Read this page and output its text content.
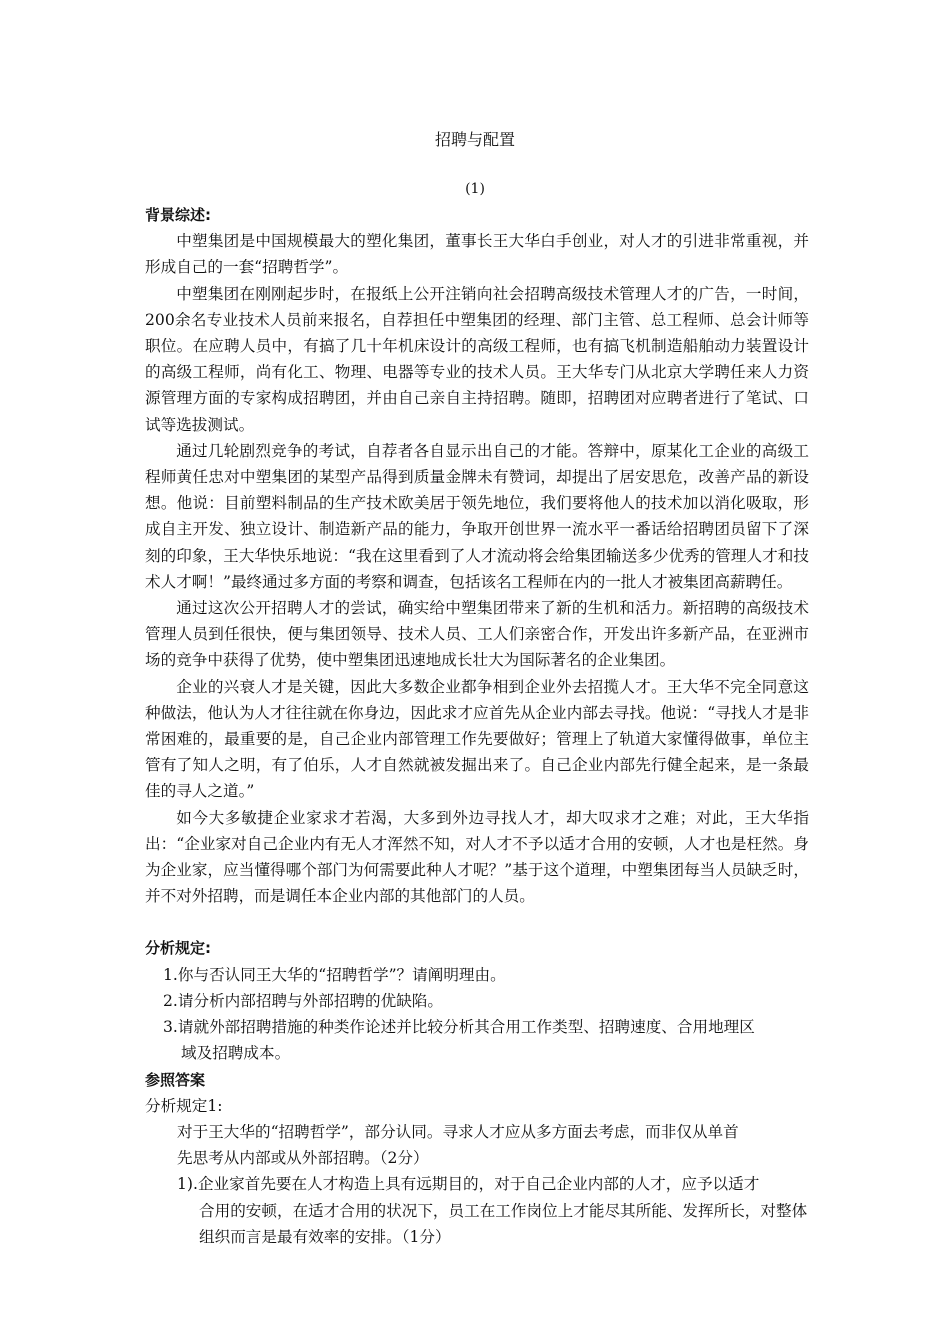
招聘与配置
(1)
背景综述:

中塑集团是中国规模最大的塑化集团，董事长王大华白手创业，对人才的引进非常重视，并形成自己的一套“招聘哲学”。

中塑集团在刚刚起步时，在报纸上公开注销向社会招聘高级技术管理人才的广告，一时间，200余名专业技术人员前来报名，自荐担任中塑集团的经理、部门主管、总工程师、总会计师等职位。在应聘人员中，有搞了几十年机床设计的高级工程师，也有搞飞机制造船舶动力装置设计的高级工程师，尚有化工、物理、电器等专业的技术人员。王大华专门从北京大学聘任来人力资源管理方面的专家构成招聘团，并由自己亲自主持招聘。随即，招聘团对应聘者进行了笔试、口试等选拔测试。

通过几轮剧烈竞争的考试，自荐者各自显示出自己的才能。答辩中，原某化工企业的高级工程师黄任忠对中塑集团的某型产品得到质量金牌未有赞词，却提出了居安思危，改善产品的新设想。他说：目前塑料制品的生产技术欧美居于领先地位，我们要将他人的技术加以消化吸取，形成自主开发、独立设计、制造新产品的能力，争取开创世界一流水平一番话给招聘团员留下了深刻的印象，王大华快乐地说：“我在这里看到了人才流动将会给集团输送多少优秀的管理人才和技术人才啊！”最终通过多方面的考察和调查，包括该名工程师在内的一批人才被集团高薪聘任。

通过这次公开招聘人才的尝试，确实给中塑集团带来了新的生机和活力。新招聘的高级技术管理人员到任很快，便与集团领导、技术人员、工人们亲密合作，开发出许多新产品，在亚洲市场的竞争中获得了优势，使中塑集团迅速地成长壮大为国际著名的企业集团。

企业的兴衰人才是关键，因此大多数企业都争相到企业外去招揽人才。王大华不完全同意这种做法，他认为人才往往就在你身边，因此求才应首先从企业内部去寻找。他说：“寻找人才是非常困难的，最重要的是，自己企业内部管理工作先要做好；管理上了轨道大家懂得做事，单位主管有了知人之明，有了伯乐，人才自然就被发掘出来了。自己企业内部先行健全起来，是一条最佳的寻人之道。”

如今大多敏捷企业家求才若渴，大多到外边寻找人才，却大叹求才之难；对此，王大华指出：“企业家对自己企业内有无人才浑然不知，对人才不予以适才合用的安顿，人才也是枉然。身为企业家，应当懂得哪个部门为何需要此种人才呢？”基于这个道理，中塑集团每当人员缺乏时，并不对外招聘，而是调任本企业内部的其他部门的人员。

分析规定:
1.你与否认同王大华的“招聘哲学”？请阐明理由。
2.请分析内部招聘与外部招聘的优缺陷。
3.请就外部招聘措施的种类作论述并比较分析其合用工作类型、招聘速度、合用地理区
域及招聘成本。
参照答案
分析规定1:
对于王大华的“招聘哲学”，部分认同。寻求人才应从多方面去考虑，而非仅从单首
先思考从内部或从外部招聘。（2分）
1).企业家首先要在人才构造上具有远期目的，对于自己企业内部的人才，应予以适才
合用的安顿，在适才合用的状况下，员工在工作岗位上才能尽其所能、发挥所长，对整体组织而言是最有效率的安排。（1分）
